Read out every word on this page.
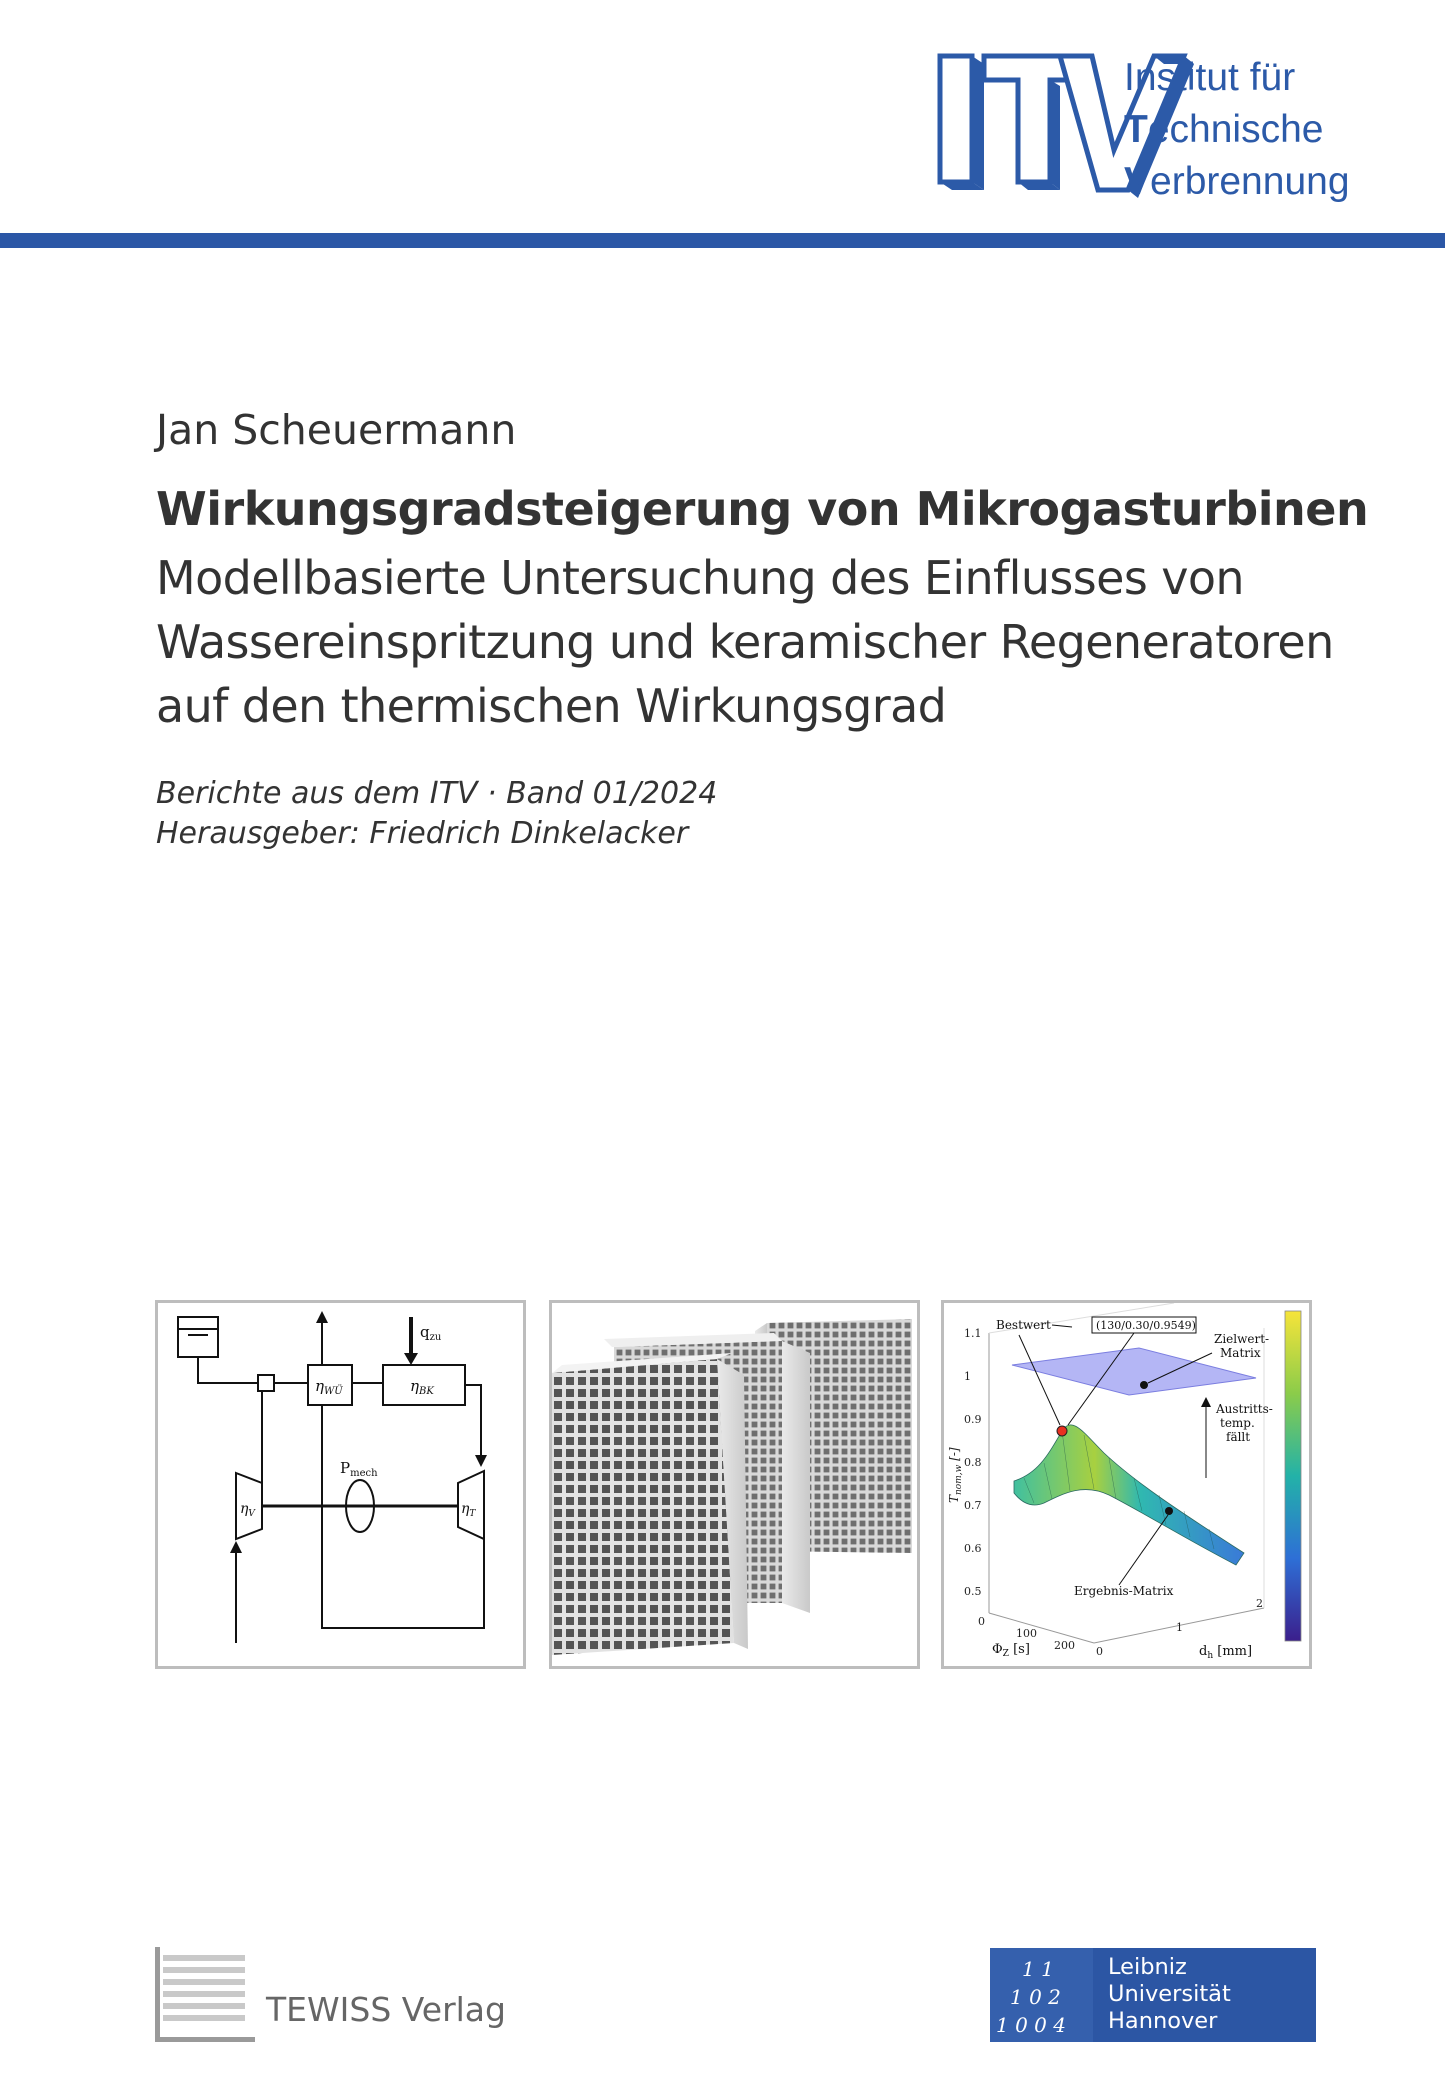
Institut für
Technische
Verbrennung
Jan Scheuermann
Wirkungsgradsteigerung von Mikrogasturbinen
Modellbasierte Untersuchung des Einflusses von
Wassereinspritzung und keramischer Regeneratoren
auf den thermischen Wirkungsgrad
Berichte aus dem ITV · Band 01/2024
Herausgeber: Friedrich Dinkelacker
$\eta_{WÜ}$	$\eta_{BK}$
$q_{zu}$
$\eta_V$	$\eta_T$
$P_{mech}$
1.1
1
0.9
0.8
0.7
0.6
0.5
$T_{nom,w}$ [-]
Bestwert	(130/0.30/0.9549)
Zielwert-
Matrix
Austritts-
temp.
fällt
Ergebnis-Matrix
0
100
200 0
1
2
$\Phi_Z$ [s]	$d_h$ [mm]
TEWISS Verlag
1 1
1 0 2
1 0 0 4
Leibniz
Universität
Hannover
